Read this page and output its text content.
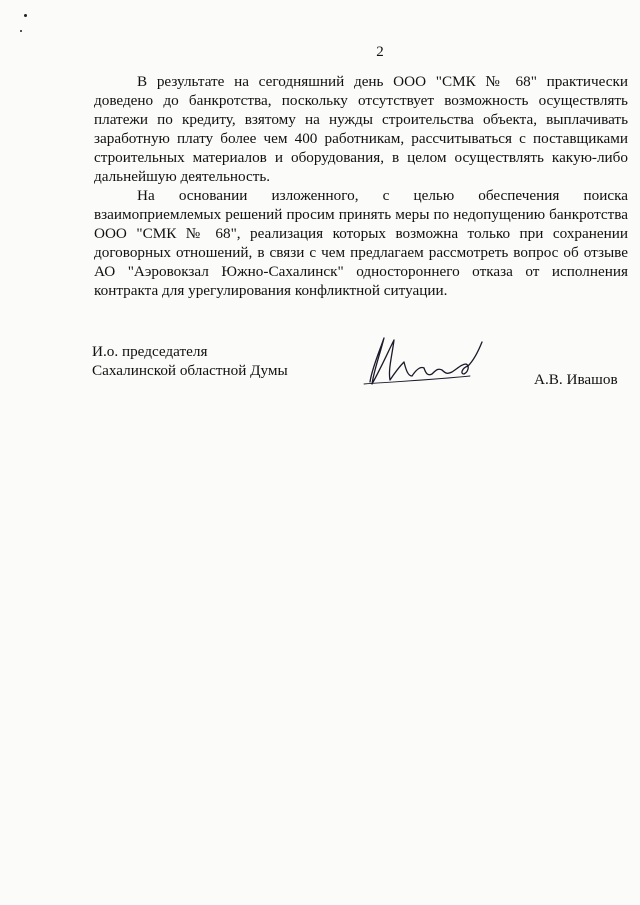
2

В результате на сегодняшний день ООО "СМК № 68" практически доведено до банкротства, поскольку отсутствует возможность осуществлять платежи по кредиту, взятому на нужды строительства объекта, выплачивать заработную плату более чем 400 работникам, рассчитываться с поставщиками строительных материалов и оборудования, в целом осуществлять какую-либо дальнейшую деятельность.

На основании изложенного, с целью обеспечения поиска взаимоприемлемых решений просим принять меры по недопущению банкротства ООО "СМК № 68", реализация которых возможна только при сохранении договорных отношений, в связи с чем предлагаем рассмотреть вопрос об отзыве АО "Аэровокзал Южно-Сахалинск" одностороннего отказа от исполнения контракта для урегулирования конфликтной ситуации.

И.о. председателя
Сахалинской областной Думы
А.В. Ивашов
